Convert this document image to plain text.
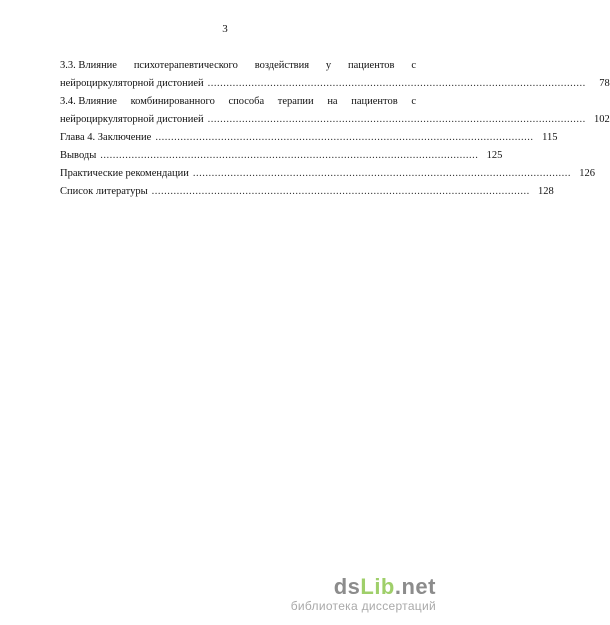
3
3.3. Влияние психотерапевтического воздействия у пациентов с
нейроциркуляторной дистонией .........................................................................................................................	78
3.4. Влияние комбинированного способа терапии на пациентов с
нейроциркуляторной дистонией ......................................................................................................................... 102
Глава 4. Заключение ......................................................................................................................... 115
Выводы ......................................................................................................................... 125
Практические рекомендации ......................................................................................................................... 126
Список литературы ......................................................................................................................... 128
dsLib.net
библиотека диссертаций
